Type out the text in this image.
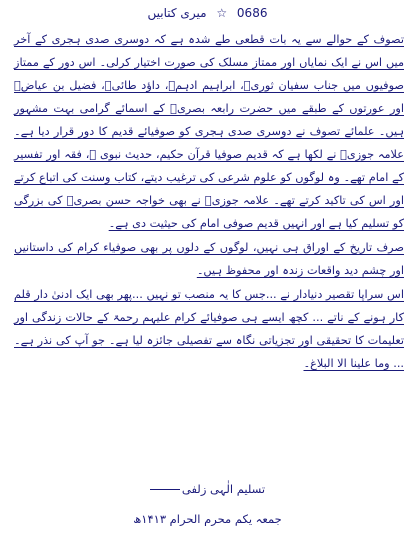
میری کتابیں ☆ 0686

تصوف کے حوالے سے یہ بات قطعی طے شدہ ہے کہ دوسری صدی ہجری کے آخر میں اس نے ایک نمایاں اور ممتاز مسلک کی صورت اختیار کرلی۔ اس دور کے ممتاز صوفیوں میں جناب سفیان ثوریؒ، ابراہیم ادہمؒ، داؤد طائیؒ، فضیل بن عیاضؒ اور عورتوں کے طبقے میں حضرت رابعہ بصریؒ کے اسمائے گرامی بہت مشہور ہیں۔ علمائے تصوف نے دوسری صدی ہجری کو صوفیائے قدیم کا دور قرار دیا ہے۔ علامہ جوزیؒ نے لکھا ہے کہ قدیم صوفیا قرآن حکیم، حدیث نبوی ﷺ، فقہ اور تفسیر کے امام تھے۔ وہ لوگوں کو علوم شرعی کی ترغیب دیتے، کتاب وسنت کی اتباع کرتے اور اس کی تاکید کرتے تھے۔ علامہ جوزیؒ نے بھی خواجہ حسن بصریؒ کی بزرگی کو تسلیم کیا ہے اور انہیں قدیم صوفی امام کی حیثیت دی ہے۔

صرف تاریخ کے اوراق ہی نہیں، لوگوں کے دلوں پر بھی صوفیاء کرام کی داستانیں اور چشم دید واقعات زندہ اور محفوظ ہیں۔

اس سراپا تقصیر دنیادار نے ...جس کا یہ منصب تو نہیں ...پھر بھی ایک ادنیٰ دار قلم کار ہونے کے ناتے ... کچھ ایسے ہی صوفیائے کرام علیہم رحمۃ کے حالات زندگی اور تعلیمات کا تحقیقی اور تجزیاتی نگاہ سے تفصیلی جائزہ لیا ہے۔ جو آپ کی نذر ہے۔ ... وما علینا الا البلاغ۔

تسلیم الٰہی زلفی
جمعہ یکم محرم الحرام ۱۴۱۳ھ
